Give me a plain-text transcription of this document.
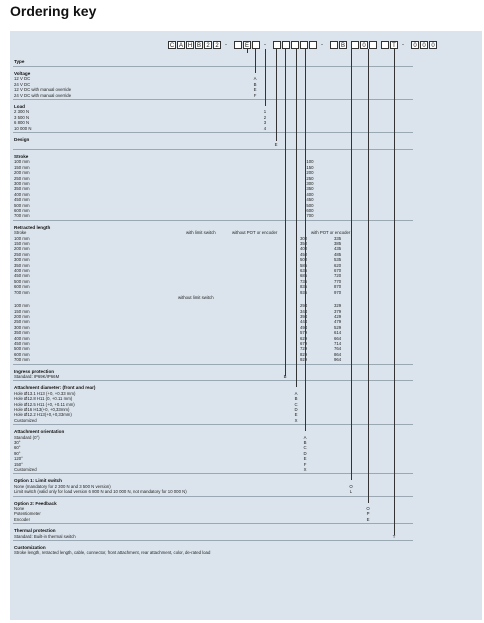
Ordering key
C A H B 2 2	-	E	-	-	B	0	T	-	0 0 0
Type
Voltage
12 V DC	A
24 V DC	B
12 V DC with manual override	E
24 V DC with manual override	F
Load
2 300 N	1
3 500 N	2
6 800 N	3
10 000 N	4
Design
E
Stroke
100 mm	100
150 mm	150
200 mm	200
250 mm	250
300 mm	300
350 mm	350
400 mm	400
450 mm	450
500 mm	500
600 mm	600
700 mm	700
Retracted length
Stroke	with limit switch	without POT or encoder	with POT or encoder
100 mm	300	335
150 mm	350	385
200 mm	400	435
250 mm	450	485
300 mm	500	535
350 mm	585	620
400 mm	635	670
450 mm	685	720
500 mm	735	770
600 mm	835	870
700 mm	935	970
without limit switch
100 mm	294	329
150 mm	344	379
200 mm	394	429
250 mm	444	479
300 mm	494	529
350 mm	579	614
400 mm	629	664
450 mm	679	714
500 mm	729	764
600 mm	829	864
700 mm	929	964
Ingress protection
Standard: IP69K/IP66M	B
Attachment diameter: (front and rear)
Hole Ø13.1 H13 (+0, +0.33 mm)	A
Hole Ø12.8 H11 (0, +0.11 mm)	B
Hole Ø12.5 H11 (+0, +0.11 mm)	C
Hole Ø16 H13(+0, +0,33mm)	D
Hole Ø12.2 H13(+0,+0,33mm)	E
Customized	X
Attachment orientation
Standard (0°)	A
30°	B
60°	C
90°	D
120°	E
150°	F
Customized	X
Option 1: Limit switch
None (mandatory for 2 300 N and 3 500 N version)	O
Limit switch (valid only for load version 6 800 N and 10 000 N, not mandatory for 10 000 N)	L
Option 2: Feedback
None	O
Potentiometer	P
Encoder	E
Thermal protection
Standard: Built-in thermal switch	T
Customization
Stroke length, retracted length, cable, connector, front attachment, rear attachment, color, de-rated load
